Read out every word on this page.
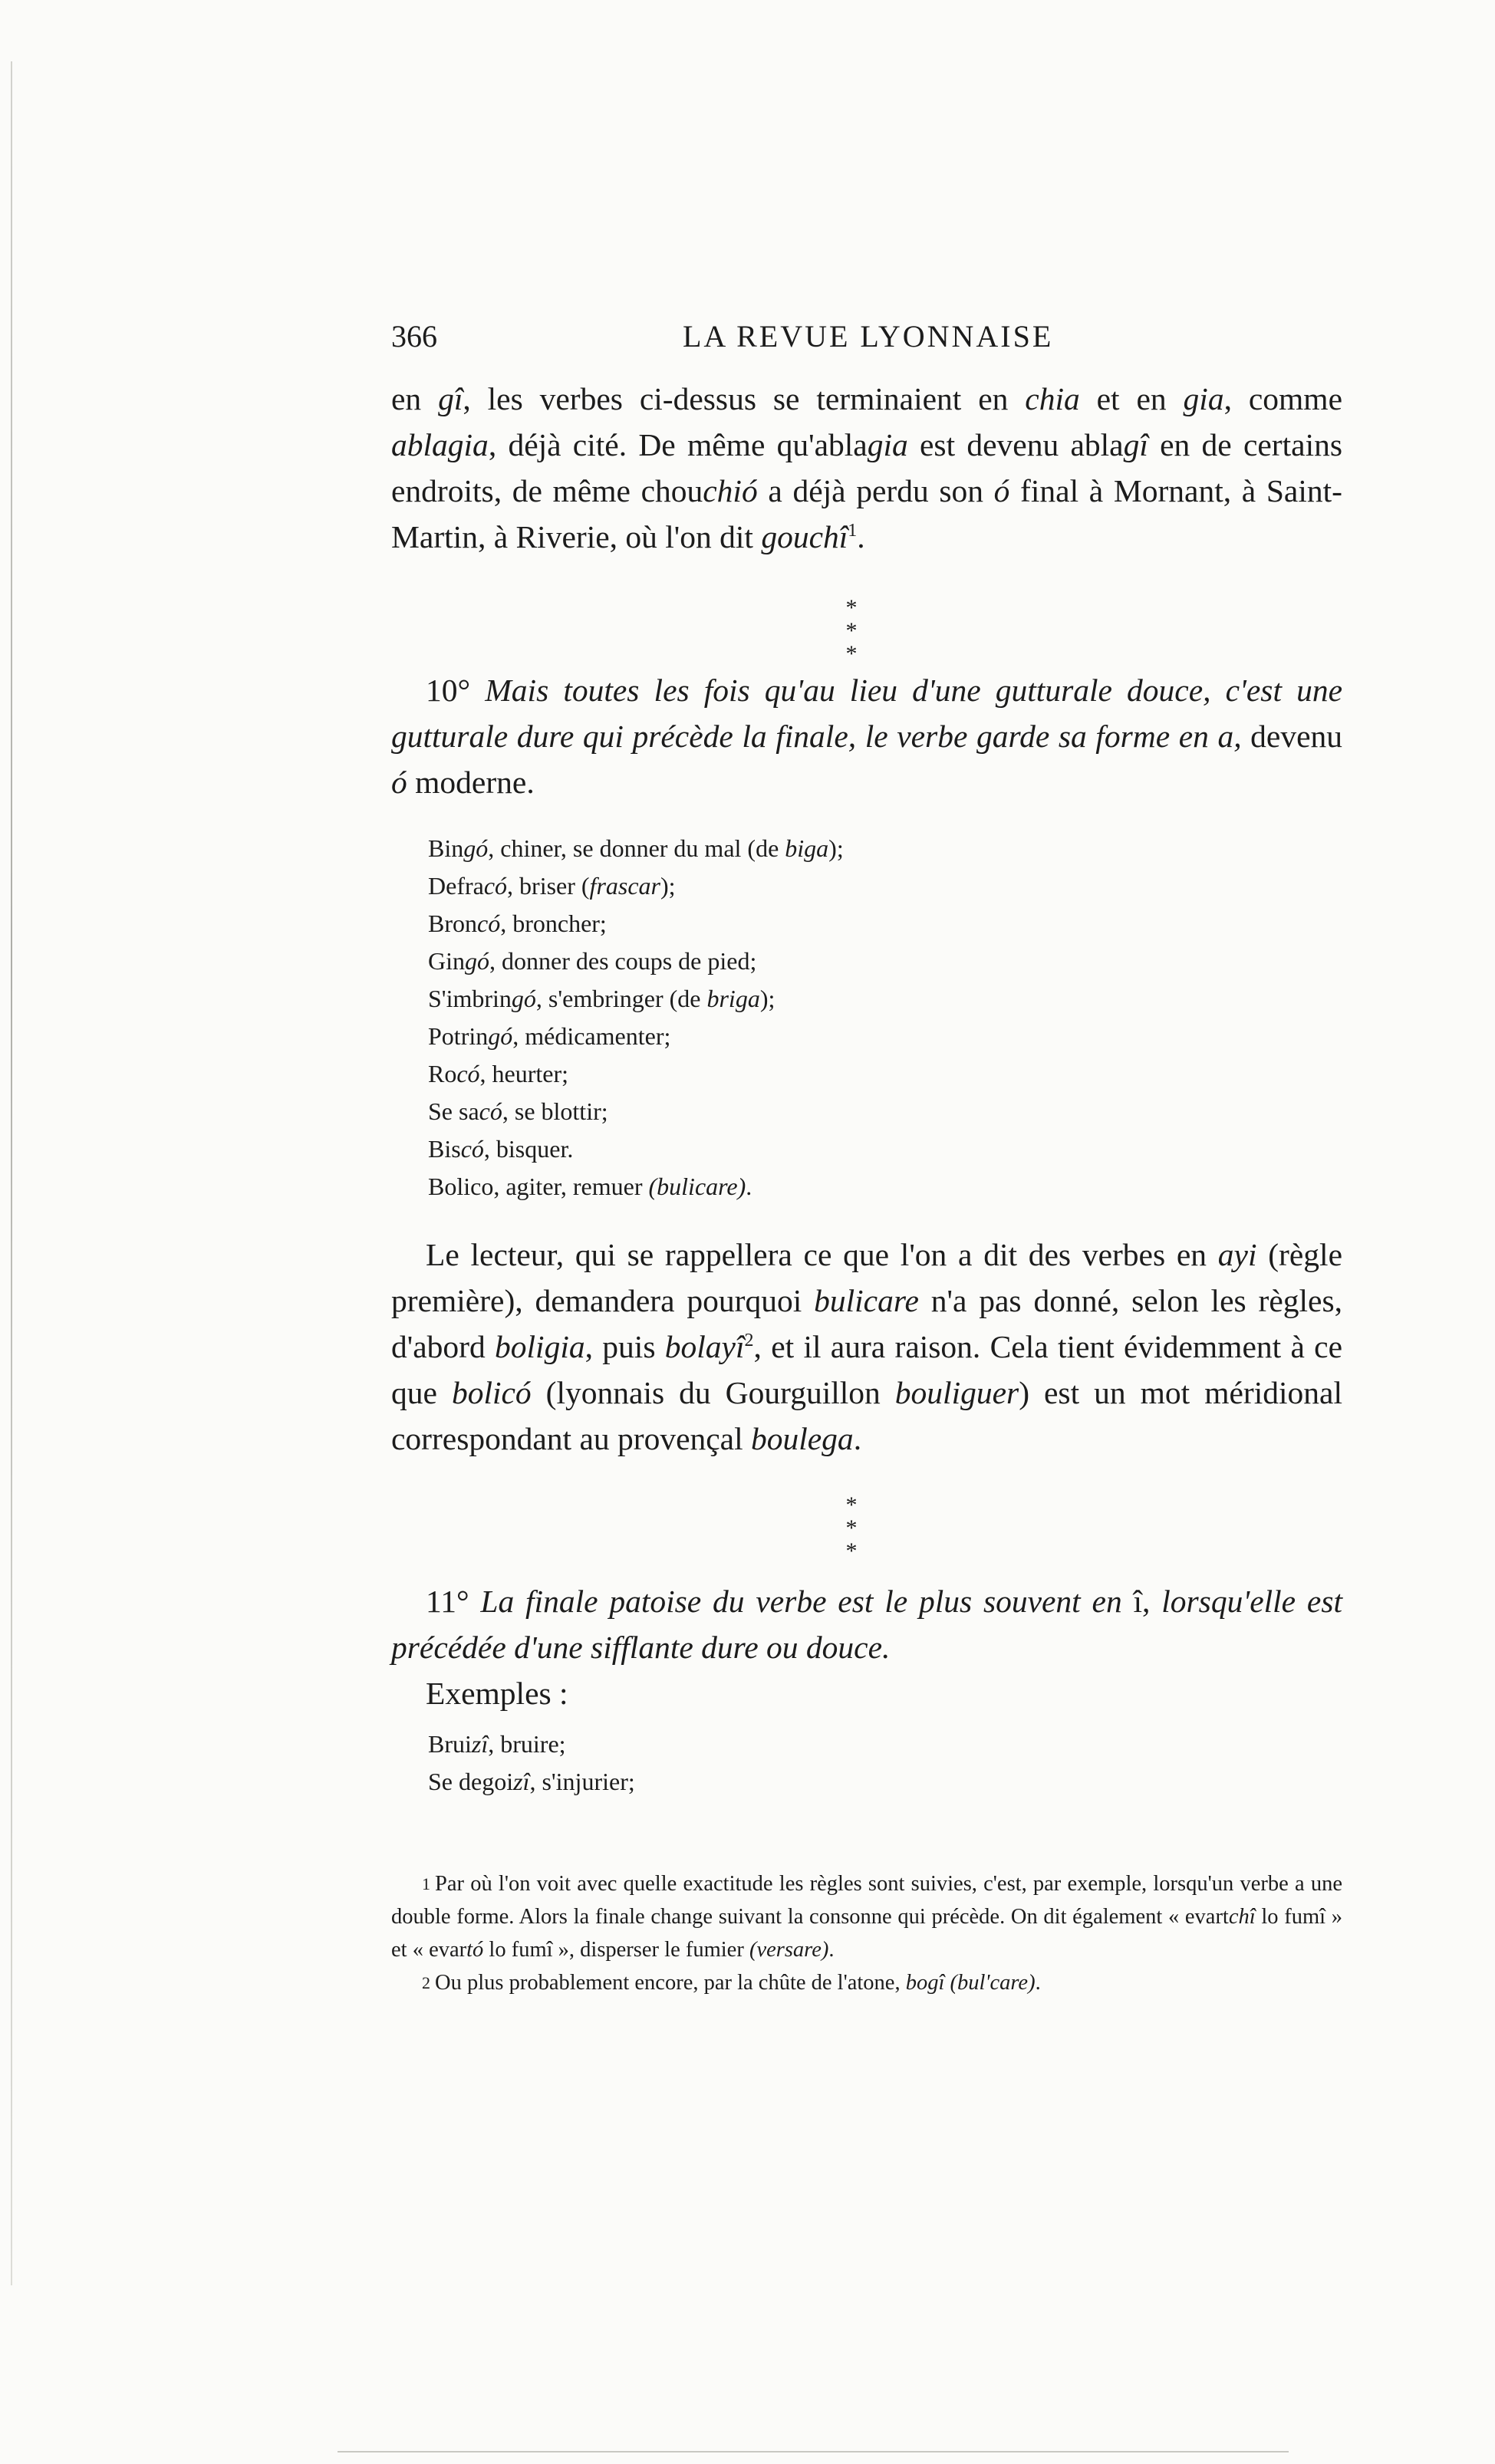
366	LA REVUE LYONNAISE

en gî, les verbes ci-dessus se terminaient en chia et en gia, comme ablagia, déjà cité. De même qu'ablagia est devenu ablagî en de certains endroits, de même chouchió a déjà perdu son ó final à Mornant, à Saint-Martin, à Riverie, où l'on dit gouchî$^1$.

*
* *

10° Mais toutes les fois qu'au lieu d'une gutturale douce, c'est une gutturale dure qui précède la finale, le verbe garde sa forme en a, devenu ó moderne.

Bingó, chiner, se donner du mal (de biga);
Defracó, briser (frascar);
Broncó, broncher;
Gingó, donner des coups de pied;
S'imbringó, s'embringer (de briga);
Potringó, médicamenter;
Rocó, heurter;
Se sacó, se blottir;
Biscó, bisquer.
Bolico, agiter, remuer (bulicare).

Le lecteur, qui se rappellera ce que l'on a dit des verbes en ayi (règle première), demandera pourquoi bulicare n'a pas donné, selon les règles, d'abord boligia, puis bolayî$^2$, et il aura raison. Cela tient évidemment à ce que bolicó (lyonnais du Gourguillon bouliguer) est un mot méridional correspondant au provençal boulega.

*
* *

11° La finale patoise du verbe est le plus souvent en î, lorsqu'elle est précédée d'une sifflante dure ou douce.

Exemples :

Bruizî, bruire;
Se degoizî, s'injurier;

$^1$ Par où l'on voit avec quelle exactitude les règles sont suivies, c'est, par exemple, lorsqu'un verbe a une double forme. Alors la finale change suivant la consonne qui précède. On dit également « evartchî lo fumî » et « evartó lo fumî », disperser le fumier (versare).

$^2$ Ou plus probablement encore, par la chûte de l'atone, bogî (bul'care).
